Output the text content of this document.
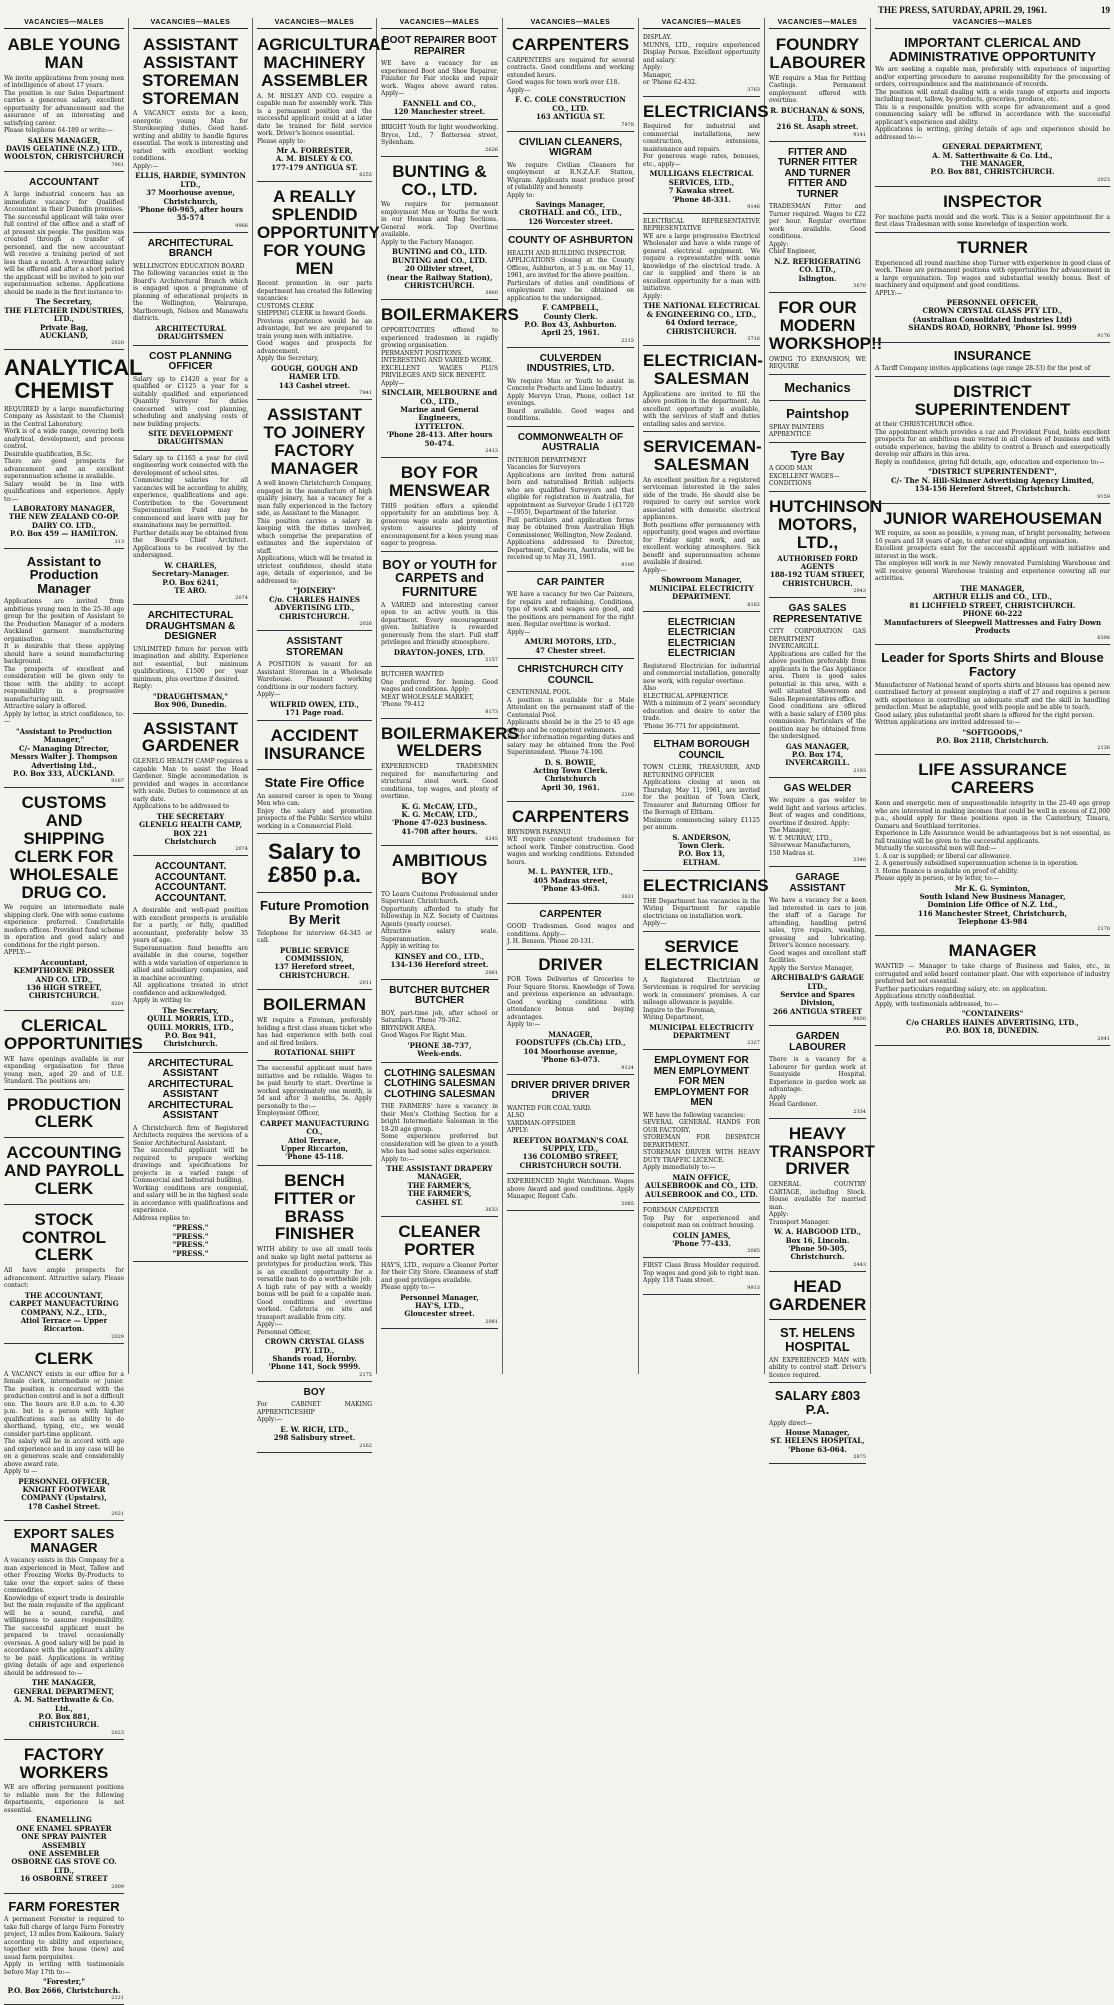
THE PRESS, SATURDAY, APRIL 29, 1961.	19
VACANCIES—MALES
ABLE YOUNG MAN
We invite applications from young men of intelligence of about 17 years.
The position is our Sales Department carries a generous salary, excellent opportunity for advancement and the assurance of an interesting and satisfying career.
Please telephone 64-189 or write:—
SALES MANAGER,
DAVIS GELATINE (N.Z.) LTD.,
WOOLSTON, CHRISTCHURCH
7961
ACCOUNTANT
A large industrial concern has an immediate vacancy for Qualified Accountant in their Dunedin premises. The successful applicant will take over full control of the office and a staff of at present six people. The position was created through a transfer of personnel, and the new accountant will receive a training period of not less than a month. A rewarding salary will be offered and after a short period the applicant will be invited to join our superannuation scheme. Applications should be made in the first instance to:
The Secretary,
THE FLETCHER INDUSTRIES, LTD.,
Private Bag,
AUCKLAND,
2020
ANALYTICAL CHEMIST
REQUIRED by a large manufacturing Company as Assistant to the Chemist in the Central Laboratory.
Work is of a wide range, covering both analytical, development, and process control.
Desirable qualification, B.Sc.
There are good prospects for advancement and an excellent superannuation scheme is available.
Salary would be in line with qualifications and experience. Apply to:—
LABORATORY MANAGER,
THE NEW ZEALAND CO-OP. DAIRY CO. LTD.,
P.O. Box 459 — HAMILTON.
213
Assistant to Production Manager
Applications are invited from ambitious young men in the 25-30 age group for the position of Assistant to the Production Manager of a modern Auckland garment manufacturing organisation.
It is desirable that those applying should have a sound manufacturing background.
The prospects of excellent and consideration will be given only to those with the ability to accept responsibility in a progressive manufacturing unit.
Attractive salary is offered.
Apply by letter, in strict confidence, to:—
"Assistant to Production Manager,"
C/- Managing Director,
Messrs Walter J. Thompson Advertising Ltd.,
P.O. Box 333, AUCKLAND.
9167
CUSTOMS AND SHIPPING CLERK FOR WHOLESALE DRUG CO.
We require an intermediate male shipping clerk. One with some customs experience preferred. Comfortable modern offices. Provident fund scheme in operation and good salary and conditions for the right person.
APPLY:—
Accountant,
KEMPTHORNE PROSSER AND CO. LTD.,
136 HIGH STREET, CHRISTCHURCH.
8201
CLERICAL OPPORTUNITIES
WE have openings available in our expanding organisation for three young men, aged 20 and of U.E. Standard. The positions are:
PRODUCTION CLERK
ACCOUNTING AND PAYROLL CLERK
STOCK CONTROL CLERK
All have ample prospects for advancement. Attractive salary. Please contact:
THE ACCOUNTANT,
CARPET MANUFACTURING COMPANY, N.Z., LTD.,
Atiol Terrace — Upper Riccarton.
2029
CLERK
A VACANCY exists in our office for a female clerk, intermediate or junior. The position is concerned with the production control and is not a difficult one. The hours are 8.0 a.m. to 4.30 p.m. but is a person with higher qualifications such as ability to do shorthand, typing, etc., we would consider part-time applicant.
The salary will be in accord with age and experience and in any case will be on a generous scale and considerably above award rate.
Apply to —
PERSONNEL OFFICER,
KNIGHT FOOTWEAR COMPANY (Upstairs),
178 Cashel Street.
2021
EXPORT SALES MANAGER
A vacancy exists in this Company for a man experienced in Meat, Tallow and other Freezing Works By-Products to take over the export sales of these commodities.
Knowledge of export trade is desirable but the main requisite of the applicant will be a sound, careful, and willingness to assume responsibility. The successful applicant must be prepared to travel occasionally overseas. A good salary will be paid in accordance with the applicant's ability to be paid. Applications in writing giving details of age and experience should be addressed to:—
THE MANAGER,
GENERAL DEPARTMENT,
A. M. Satterthwaite & Co. Ltd.,
P.O. Box 881, CHRISTCHURCH.
2023
FACTORY WORKERS
WE are offering permanent positions to reliable men for the following departments, experience is not essential.
ENAMELLING
ONE ENAMEL SPRAYER
ONE SPRAY PAINTER
ASSEMBLY
ONE ASSEMBLER
OSBORNE GAS STOVE CO. LTD.,
16 OSBORNE STREET
2009
FARM FORESTER
A permanent Forester is required to take full charge of large Farm Forestry project, 13 miles from Kaikoura. Salary according to ability and experience, together with free house (new) and usual farm perquisites.
Apply in writing with testimonials before May 17th to:—
"Forester,"
P.O. Box 2666, Christchurch.
2121
VACANCIES—MALES
ASSISTANT ASSISTANT STOREMAN STOREMAN
A VACANCY exists for a keen, energetic young Man for Storekeeping duties. Good hand-writing and ability to handle figures essential. The work is interesting and varied with excellent working conditions.
Apply:—
ELLIS, HARDIE, SYMINTON LTD.,
37 Moorhouse avenue,
Christchurch,
'Phone 60-965, after hours 55-574
9966
ARCHITECTURAL BRANCH
WELLINGTON EDUCATION BOARD
The following vacancies exist in the Board's Architectural Branch which is engaged upon a programme of planning of educational projects in the Wellington, Wairarapa, Marlborough, Nelson and Manawatu districts.
ARCHITECTURAL DRAUGHTSMEN
COST PLANNING OFFICER
Salary up to £1420 a year for a qualified or £1125 a year for a suitably qualified and experienced Quantity Surveyor for duties concerned with cost planning, scheduling and analysing costs of new building projects.
SITE DEVELOPMENT DRAUGHTSMAN
Salary up to £1165 a year for civil engineering work connected with the development of school sites.
Commencing salaries for all vacancies will be according to ability, experience, qualifications and age. Contribution to the Government Superannuation Fund may be commenced and leave with pay for examinations may be permitted.
Further details may be obtained from the Board's Chief Architect. Applications to be received by the undersigned.
W. CHARLES,
Secretary-Manager.
P.O. Box 6241,
TE ARO.
2074
ARCHITECTURAL DRAUGHTSMAN & DESIGNER
UNLIMITED future for person with imagination and ability. Experience not essential, but minimum qualifications, £1500 per year minimum, plus overtime if desired.
Reply:
"DRAUGHTSMAN,"
Box 906, Dunedin.
ASSISTANT GARDENER
GLENELG HEALTH CAMP requires a capable Man to assist the Head Gardener. Single accommodation is provided and wages in accordance with scale. Duties to commence at an early date.
Applications to be addressed to
THE SECRETARY
GLENELG HEALTH CAMP,
BOX 221
Christchurch
2074
ACCOUNTANT. ACCOUNTANT. ACCOUNTANT. ACCOUNTANT.
A desirable and well-paid position with excellent prospects is available for a partly, or fully, qualified accountant, preferably below 35 years of age.
Superannuation fund benefits are available in due course, together with a wide variation of experience in allied and subsidiary companies, and in machine accounting.
All applications treated in strict confidence and acknowledged.
Apply in writing to:
The Secretary,
QUILL MORRIS, LTD.,
QUILL MORRIS, LTD.,
P.O. Box 941,
Christchurch.
ARCHITECTURAL ASSISTANT ARCHITECTURAL ASSISTANT ARCHITECTURAL ASSISTANT
A Christchurch firm of Registered Architects requires the services of a Senior Architectural Assistant.
The successful applicant will be required to prepare working drawings and specifications for projects in a varied range of Commercial and Industrial building.
Working conditions are congenial, and salary will be in the highest scale in accordance with qualifications and experience.
Address replies to:
"PRESS."
"PRESS."
"PRESS."
"PRESS."
VACANCIES—MALES
AGRICULTURAL MACHINERY ASSEMBLER
A. M. BISLEY AND CO. require a capable man for assembly work. This is a permanent position and the successful applicant could at a later date be trained for field service work. Driver's licence essential.
Please apply to:
Mr A. FORRESTER,
A. M. BISLEY & CO.
177-179 ANTIGUA ST.
8255
A REALLY SPLENDID OPPORTUNITY FOR YOUNG MEN
Recent promotion in our parts department has created the following vacancies:
CUSTOMS CLERK
SHIPPING CLERK in Inward Goods.
Previous experience would be an advantage, but we are prepared to train young men with initiative.
Good wages and prospects for advancement.
Apply the Secretary,
GOUGH, GOUGH AND HAMER LTD.
143 Cashel street.
7941
ASSISTANT TO JOINERY FACTORY MANAGER
A well known Christchurch Company, engaged in the manufacture of high quality joinery, has a vacancy for a man fully experienced in the factory side, as Assistant to the Manager.
This position carries a salary in keeping with the duties involved, which comprise the preparation of estimates and the supervision of staff.
Applications, which will be treated in strictest confidence, should state age, details of experience, and be addressed to:
"JOINERY"
C/o. CHARLES HAINES ADVERTISING LTD.,
CHRISTCHURCH.
2026
ASSISTANT STOREMAN
A POSITION is vacant for an Assistant Storeman in a Wholesale Warehouse. Pleasant working conditions in our modern factory.
Apply—
WILFRID OWEN, LTD.,
171 Page road.
ACCIDENT INSURANCE
State Fire Office
An assured career is open to Young Men who can:
Enjoy the salary and promotion prospects of the Public Service whilst working in a Commercial Field.
Salary to £850 p.a.
Future Promotion By Merit
Telephone for interview 64-345 or call.
PUBLIC SERVICE COMMISSION,
137 Hereford street,
CHRISTCHURCH.
2011
BOILERMAN
WE require a Fireman, preferably holding a first class steam ticket who has had experience with both coal and oil fired boilers.
ROTATIONAL SHIFT
The successful applicant must have initiative and be reliable. Wages to be paid hourly to start. Overtime is worked approximately one month, is 5d and after 3 months, 5s. Apply personally to the:—
Employment Officer,
CARPET MANUFACTURING CO.,
Atiol Terrace,
Upper Riccarton,
'Phone 45-118.
BENCH FITTER or BRASS FINISHER
WITH ability to use all small tools and make up light metal patterns as prototypes for production work. This is an excellent opportunity for a versatile man to do a worthwhile job. A high rate of pay with a weekly bonus will be paid to a capable man. Good conditions and overtime worked. Cafeteria on site and transport available from city.
Apply:—
Personnel Officer,
CROWN CRYSTAL GLASS PTY. LTD.,
Shands road, Hornby.
'Phone 141, Sock 9999.
2175
BOY
For CABINET MAKING APPRENTICESHIP
Apply:—
E. W. RICH, LTD.,
298 Salisbury street.
2162
VACANCIES—MALES
BOOT REPAIRER BOOT REPAIRER
WE have a vacancy for an experienced Boot and Shoe Repairer. Finisher for Fair stocks and repair work. Wages above award rates. Apply—
FANNELL and CO.,
120 Manchester street.
BRIGHT Youth for light woodworking. Bryce, Ltd., 7 Battersea street, Sydenham.
2626
BUNTING & CO., LTD.
We require for permanent employment Men or Youths for work in our Hessian and Bag Sections. General work. Top Overtime available.
Apply to the Factory Manager.
BUNTING and CO., LTD.
BUNTING and CO., LTD.
20 Ollivier street,
(near the Railway Station),
CHRISTCHURCH.
3860
BOILERMAKERS
OPPORTUNITIES offered to experienced tradesmen in rapidly growing organisation.
PERMANENT POSITIONS.
INTERESTING AND VARIED WORK.
EXCELLENT WAGES PLUS PRIVILEGES AND SICK BENEFIT.
Apply—
SINCLAIR, MELBOURNE and CO., LTD.,
Marine and General Engineers,
LYTTELTON.
'Phone 28-413. After hours 50-474.
2413
BOY FOR MENSWEAR
THIS position offers a splendid opportunity for an ambitious boy. A generous wage scale and promotion system assures plenty of encouragement for a keen young man eager to progress.
BOY or YOUTH for CARPETS and FURNITURE
A VARIED and interesting career open to an active youth in this department. Every encouragement given. Initiative is rewarded generously from the start. Full staff privileges and friendly atmosphere.
DRAYTON-JONES, LTD.
2157
BUTCHER WANTED
One preferred for boning. Good wages and conditions. Apply:
MEAT WHOLESALE MARKET,
'Phone 79-412
8173
BOILERMAKERS WELDERS
EXPERIENCED TRADESMEN required for manufacturing and structural steel work. Good conditions, top wages, and plenty of overtime.
K. G. McCAW, LTD.,
K. G. McCAW, LTD.,
'Phone 47-023 business.
41-708 after hours.
8245
AMBITIOUS BOY
TO Learn Customs Professional under Supervisor. Christchurch.
Opportunity afforded to study for fellowship in N.Z. Society of Customs Agents (yearly course).
Attractive salary scale. Superannuation.
Apply in writing to:
KINSEY and CO., LTD.,
134-136 Hereford street.
2061
BUTCHER BUTCHER BUTCHER
BOY, part-time job, after school or Saturdays. 'Phone 79-362.
BRYNDWR AREA.
Good Wages For Right Man.
'PHONE 38-737,
Week-ends.
CLOTHING SALESMAN CLOTHING SALESMAN CLOTHING SALESMAN
THE FARMERS' have a vacancy in their Men's Clothing Section for a bright Intermediate Salesman in the 18-20 age group.
Some experience preferred but consideration will be given to a youth who has had some sales experience.
Apply to:—
THE ASSISTANT DRAPERY MANAGER,
THE FARMER'S,
THE FARMER'S,
CASHEL ST.
3633
CLEANER PORTER
HAY'S, LTD., require a Cleaner Porter for their City Store. Cleanness of staff and good privileges available.
Please apply to:—
Personnel Manager,
HAY'S, LTD.,
Gloucester street.
2081
VACANCIES—MALES
CARPENTERS
CARPENTERS are required for several contracts. Good conditions and working extended hours.
Good wages for town work over £18.
Apply—
F. C. COLE CONSTRUCTION CO., LTD.
163 ANTIGUA ST.
7978
CIVILIAN CLEANERS, WIGRAM
We require Civilian Cleaners for employment at R.N.Z.A.F. Station, Wigram. Applicants must produce proof of reliability and honesty.
Apply to:
Savings Manager,
CROTHALL and CO., LTD.,
126 Worcester street.
COUNTY OF ASHBURTON
HEALTH AND BUILDING INSPECTOR
APPLICATIONS closing at the County Offices, Ashburton, at 5 p.m. on May 11, 1961, are invited for the above position.
Particulars of duties and conditions of employment may be obtained on application to the undersigned.
F. CAMPBELL,
County Clerk.
P.O. Box 43, Ashburton.
April 25, 1961.
2215
CULVERDEN INDUSTRIES, LTD.
We require Man or Youth to assist in Concrete Products and Lime Industry.
Apply Mervyn Uran, Phone, collect 1st evenings.
Board available. Good wages and conditions.
COMMONWEALTH OF AUSTRALIA
INTERIOR DEPARTMENT
Vacancies for Surveyors
Applications are invited from natural born and naturalised British subjects who are qualified Surveyors and that eligible for registration in Australia, for appointment as Surveyor Grade I (£1720—1955), Department of the Interior.
Full particulars and application forms may be obtained from Australian High Commissioner, Wellington, New Zealand.
Applications addressed to Director, Department, Canberra, Australia, will be received up to May 31, 1961.
9100
CAR PAINTER
WE have a vacancy for two Car Painters, for repairs and refinishing. Conditions, type of work and wages are good, and the positions are permanent for the right men. Regular overtime is worked.
Apply—
AMURI MOTORS, LTD.,
47 Chester street.
CHRISTCHURCH CITY COUNCIL
CENTENNIAL POOL
A position is available for a Male Attendant on the permanent staff of the Centennial Pool.
Applicants should be in the 25 to 45 age group and be competent swimmers.
Further information regarding duties and salary may be obtained from the Pool Superintendent. 'Phone 74-100.
D. S. BOWIE,
Acting Town Clerk.
Christchurch
April 30, 1961.
2200
CARPENTERS
BRYNDWR PAPANUI
WE require competent tradesmen for school work. Timber construction. Good wages and working conditions. Extended hours.
M. L. PAYNTER, LTD.,
405 Madras street,
'Phone 43-063.
3631
CARPENTER
GOOD Tradesman. Good wages and conditions. Apply—
J. H. Benson. 'Phone 20-131.
DRIVER
FOR Town Deliveries of Groceries to Four Square Stores. Knowledge of Town and previous experience an advantage. Good working conditions with attendance bonus and buying advantages.
Apply to:—
MANAGER,
FOODSTUFFS (Ch.Ch) LTD.,
104 Moorhouse avenue,
'Phone 63-073.
9124
DRIVER DRIVER DRIVER DRIVER
WANTED FOR COAL YARD.
ALSO
YARDMAN-OFFSIDER
APPLY:
REEFTON BOATMAN'S COAL SUPPLY, LTD.,
136 COLOMBO STREET,
CHRISTCHURCH SOUTH.
EXPERIENCED Night Watchman. Wages above Award and good conditions. Apply Manager, Regent Cafe.
2085
VACANCIES—MALES
DISPLAY.
MUNNS, LTD., require experienced Display Person. Excellent opportunity and salary.
Apply:
Manager,
or 'Phone 62-432.
3763
ELECTRICIANS
Required for industrial and commercial installations, new construction, extensions, maintenance and repairs.
For generous wage rates, bonuses, etc., apply—
MULLIGANS ELECTRICAL SERVICES, LTD.,
7 Kawaka street.
'Phone 48-331.
9146
ELECTRICAL REPRESENTATIVE REPRESENTATIVE
WE are a large progressive Electrical Wholesaler and have a wide range of general electrical equipment. We require a representative with some knowledge of the electrical trade. A car is supplied and there is an excellent opportunity for a man with initiative.
Apply:
THE NATIONAL ELECTRICAL & ENGINEERING CO., LTD.,
64 Oxford terrace,
CHRISTCHURCH.
3716
ELECTRICIAN-SALESMAN
Applications are invited to fill the above position in the department. An excellent opportunity is available, with the services of staff and duties entailing sales and service.
SERVICEMAN-SALESMAN
An excellent position for a registered serviceman interested in the sales side of the trade. He should also be required to carry out service work associated with domestic electrical appliances.
Both positions offer permanency with opportunity, good wages and overtime for Friday night work, and an excellent working atmosphere. Sick benefit and superannuation scheme available if desired.
Apply—
Showroom Manager,
MUNICIPAL ELECTRICITY DEPARTMENT.
8162
ELECTRICIAN ELECTRICIAN ELECTRICIAN ELECTRICIAN
Registered Electrician for industrial and commercial installation, generally new work, with regular overtime.
Also
ELECTRICAL APPRENTICE
With a minimum of 2 years' secondary education and desire to enter the trade.
'Phone 36-771 for appointment.
ELTHAM BOROUGH COUNCIL
TOWN CLERK, TREASURER, AND RETURNING OFFICER
Applications closing at noon on Thursday, May 11, 1961, are invited for the position of Town Clerk, Treasurer and Returning Officer for the Borough of Eltham.
Minimum commencing salary £1125 per annum.
S. ANDERSON,
Town Clerk.
P.O. Box 13,
ELTHAM.
ELECTRICIANS
THE Department has vacancies in the Wiring Department for capable electricians on installation work.
Apply—
SERVICE ELECTRICIAN
A Registered Electrician or Serviceman is required for servicing work in consumers' premises. A car mileage allowance is payable.
Inquire to the Foreman,
Wiring Department,
MUNICIPAL ELECTRICITY DEPARTMENT
2327
EMPLOYMENT FOR MEN EMPLOYMENT FOR MEN EMPLOYMENT FOR MEN
WE have the following vacancies:
SEVERAL GENERAL HANDS FOR OUR FACTORY.
STOREMAN FOR DESPATCH DEPARTMENT.
STOREMAN DRIVER WITH HEAVY DUTY TRAFFIC LICENCE.
Apply immediately to:—
MAIN OFFICE,
AULSEBROOK and CO., LTD.
AULSEBROOK and CO., LTD.
FOREMAN CARPENTER
Top Pay for experienced and competent man on contract housing.
COLIN JAMES,
'Phone 77-433.
2085
FIRST Class Brass Moulder required. Top wages and good job to right man. Apply 118 Tuam street.
9913
VACANCIES—MALES
FOUNDRY LABOURER
WE require a Man for Fettling Castings. Permanent employment offered with overtime.
R. BUCHANAN & SONS, LTD.,
216 St. Asaph street.
9141
FITTER AND TURNER FITTER AND TURNER FITTER AND TURNER
TRADESMAN Fitter and Turner required. Wages to £22 per hour. Regular overtime work available. Good conditions.
Apply:
Chief Engineer,
N.Z. REFRIGERATING CO. LTD.,
Islington.
3670
FOR OUR MODERN WORKSHOP!!
OWING TO EXPANSION, WE REQUIRE
Mechanics
Paintshop
SPRAY PAINTERS
APPRENTICE
Tyre Bay
A GOOD MAN
EXCELLENT WAGES—
CONDITIONS
HUTCHINSON MOTORS, LTD.,
AUTHORISED FORD AGENTS
188-192 TUAM STREET,
CHRISTCHURCH.
2043
GAS SALES REPRESENTATIVE
CITY CORPORATION GAS DEPARTMENT
INVERCARGILL
Applications are called for the above position preferably from applicants in the Gas Appliance area. There is good sales potential in this area, with a well situated Showroom and Sales Representatives office.
Good conditions are offered with a basic salary of £500 plus commission. Particulars of the position may be obtained from the undersigned.
GAS MANAGER,
P.O. Box 174,
INVERCARGILL.
2193
GAS WELDER
We require a gas welder to weld light and various articles. Best of wages and conditions, overtime if desired. Apply:
The Manager,
W. T. MURRAY, LTD.,
Silverwear Manufacturers,
150 Madras st.
2340
GARAGE ASSISTANT
We have a vacancy for a keen lad interested in cars to join the staff of a Garage for attending, handling petrol sales, tyre repairs, washing, greasing and lubricating. Driver's licence necessary.
Good wages and excellent staff facilities.
Apply the Service Manager,
ARCHIBALD'S GARAGE LTD.,
Service and Spares Division,
266 ANTIGUA STREET
9030
GARDEN LABOURER
There is a vacancy for a Labourer for garden work at Sunnyside Hospital. Experience in garden work an advantage.
Apply
Head Gardener.
2334
HEAVY TRANSPORT DRIVER
GENERAL COUNTRY CARTAGE, including Stock. House available for married man.
Apply:
Transport Manager.
W. A. HABGOOD LTD.,
Box 16, Lincoln.
'Phone 50-305, Christchurch.
2443
HEAD GARDENER
ST. HELENS HOSPITAL
AN EXPERIENCED MAN with ability to control staff. Driver's licence required.
SALARY £803 P.A.
Apply direct—
House Manager,
ST. HELENS HOSPITAL,
'Phone 63-064.
2875
VACANCIES—MALES
IMPORTANT CLERICAL AND ADMINISTRATIVE OPPORTUNITY
We are seeking a capable man, preferably with experience of importing and/or exporting procedure to assume responsibility for the processing of orders, correspondence and the maintenance of records.
The position will entail dealing with a wide range of exports and imports including meat, tallow, by-products, groceries, produce, etc.
This is a responsible position with scope for advancement and a good commencing salary will be offered in accordance with the successful applicant's experience and ability.
Applications in writing, giving details of age and experience should be addressed to:—
GENERAL DEPARTMENT,
A. M. Satterthwaite & Co. Ltd.,
THE MANAGER,
P.O. Box 881, CHRISTCHURCH.
2023
INSPECTOR
For machine parts mould and die work. This is a Senior appointment for a first class Tradesman with some knowledge of inspection work.
TURNER
Experienced all round machine shop Turner with experience in good class of work. These are permanent positions with opportunities for advancement in a large organisation. Top wages and substantial weekly bonus. Best of machinery and equipment and good conditions.
APPLY:—
PERSONNEL OFFICER,
CROWN CRYSTAL GLASS PTY LTD.,
(Australian Consolidated Industries Ltd)
SHANDS ROAD, HORNBY, 'Phone Isl. 9999
9176
INSURANCE
A Tariff Company invites applications (age range 28-33) for the post of
DISTRICT SUPERINTENDENT
at their CHRISTCHURCH office.
The appointment which provides a car and Provident Fund, holds excellent prospects for an ambitious man versed in all classes of business and with outside experience, having the ability to control a Branch and energetically develop our affairs in this area.
Reply in confidence, giving full details, age, education and experience to:—
"DISTRICT SUPERINTENDENT",
C/- The N. Hill-Skinner Advertising Agency Limited,
154-156 Hereford Street, Christchurch.
9159
JUNIOR WAREHOUSEMAN
WE require, as soon as possible, a young man, of bright personality, between 16 years and 18 years of age, to enter our expanding organisation.
Excellent prospects exist for the successful applicant with initiative and interest in the work.
The employee will work in our Newly renovated Furnishing Warehouse and will receive general Warehouse training and experience covering all our activities.
THE MANAGER,
ARTHUR ELLIS and CO., LTD.,
81 LICHFIELD STREET, CHRISTCHURCH.
PHONE 60-222
Manufacturers of Sleepwell Mattresses and Fairy Down Products
6308
Leader for Sports Shirts and Blouse Factory
Manufacturer of National brand of sports shirts and blouses has opened new centralised factory at present employing a staff of 27 and requires a person with experience in controlling an adequate staff and the skill in handling production. Must be adaptable, good with people and be able to teach.
Good salary, plus substantial profit share is offered for the right person.
Written applications are invited addressed to:—
"SOFTGOODS,"
P.O. Box 2118, Christchurch.
2136
LIFE ASSURANCE CAREERS
Keen and energetic men of unquestionable integrity in the 25-40 age group who are interested in making incomes that could be well in excess of £2,000 p.a., should apply for these positions open in the Canterbury, Timaru, Oamaru and Southland territories.
Experience in Life Assurance would be advantageous but is not essential, as full training will be given to the successful applicants.
Mutually the successful men will find:—
1. A car is supplied; or liberal car allowance.
2. A generously subsidised superannuation scheme is in operation.
3. Home finance is available on proof of ability.
Please apply in person, or by letter, to:—
Mr K. G. Syminton,
South Island New Business Manager,
Dominion Life Office of N.Z. Ltd.,
116 Manchester Street, Christchurch,
Telephone 43-984
2170
MANAGER
WANTED — Manager to take charge of Business and Sales, etc., in corrugated and solid board container plant. One with experience of industry preferred but not essential.
Further particulars regarding salary, etc. on application.
Applications strictly confidential.
Apply, with testimonials addressed, to:—
"CONTAINERS"
C/o CHARLES HAINES ADVERTISING, LTD.,
P.O. BOX 18, DUNEDIN.
2041
